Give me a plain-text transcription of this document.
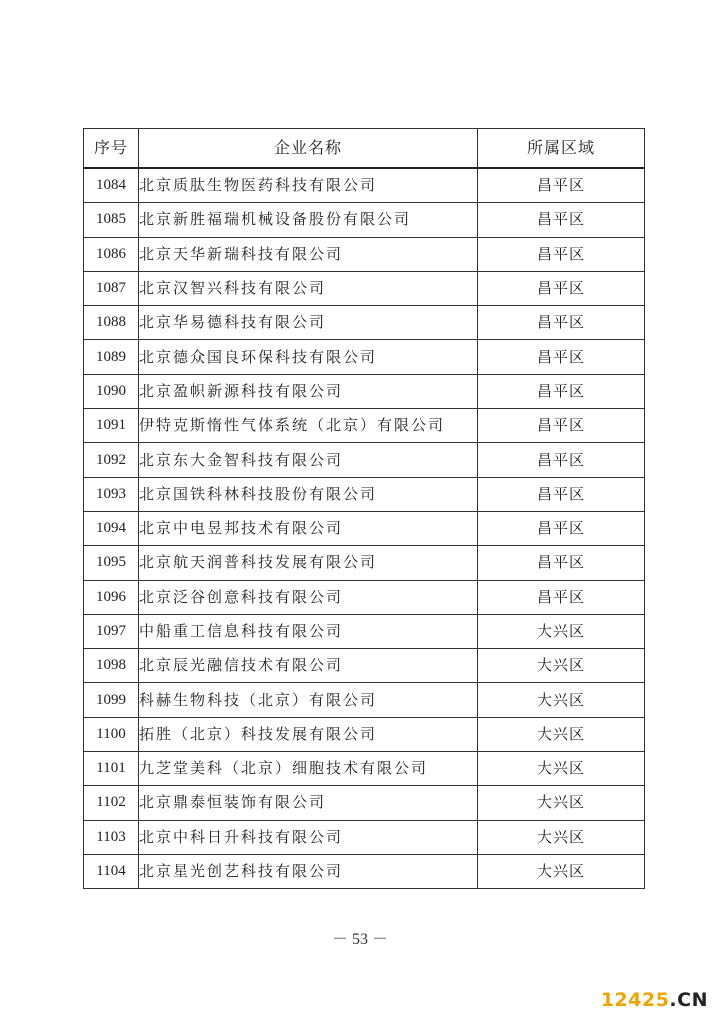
序号	企业名称	所属区域
1084	北京质肽生物医药科技有限公司	昌平区
1085	北京新胜福瑞机械设备股份有限公司	昌平区
1086	北京天华新瑞科技有限公司	昌平区
1087	北京汉智兴科技有限公司	昌平区
1088	北京华易德科技有限公司	昌平区
1089	北京德众国良环保科技有限公司	昌平区
1090	北京盈帜新源科技有限公司	昌平区
1091	伊特克斯惰性气体系统（北京）有限公司	昌平区
1092	北京东大金智科技有限公司	昌平区
1093	北京国铁科林科技股份有限公司	昌平区
1094	北京中电昱邦技术有限公司	昌平区
1095	北京航天润普科技发展有限公司	昌平区
1096	北京泛谷创意科技有限公司	昌平区
1097	中船重工信息科技有限公司	大兴区
1098	北京辰光融信技术有限公司	大兴区
1099	科赫生物科技（北京）有限公司	大兴区
1100	拓胜（北京）科技发展有限公司	大兴区
1101	九芝堂美科（北京）细胞技术有限公司	大兴区
1102	北京鼎泰恒装饰有限公司	大兴区
1103	北京中科日升科技有限公司	大兴区
1104	北京星光创艺科技有限公司	大兴区
－ 53 －
12425.CN
